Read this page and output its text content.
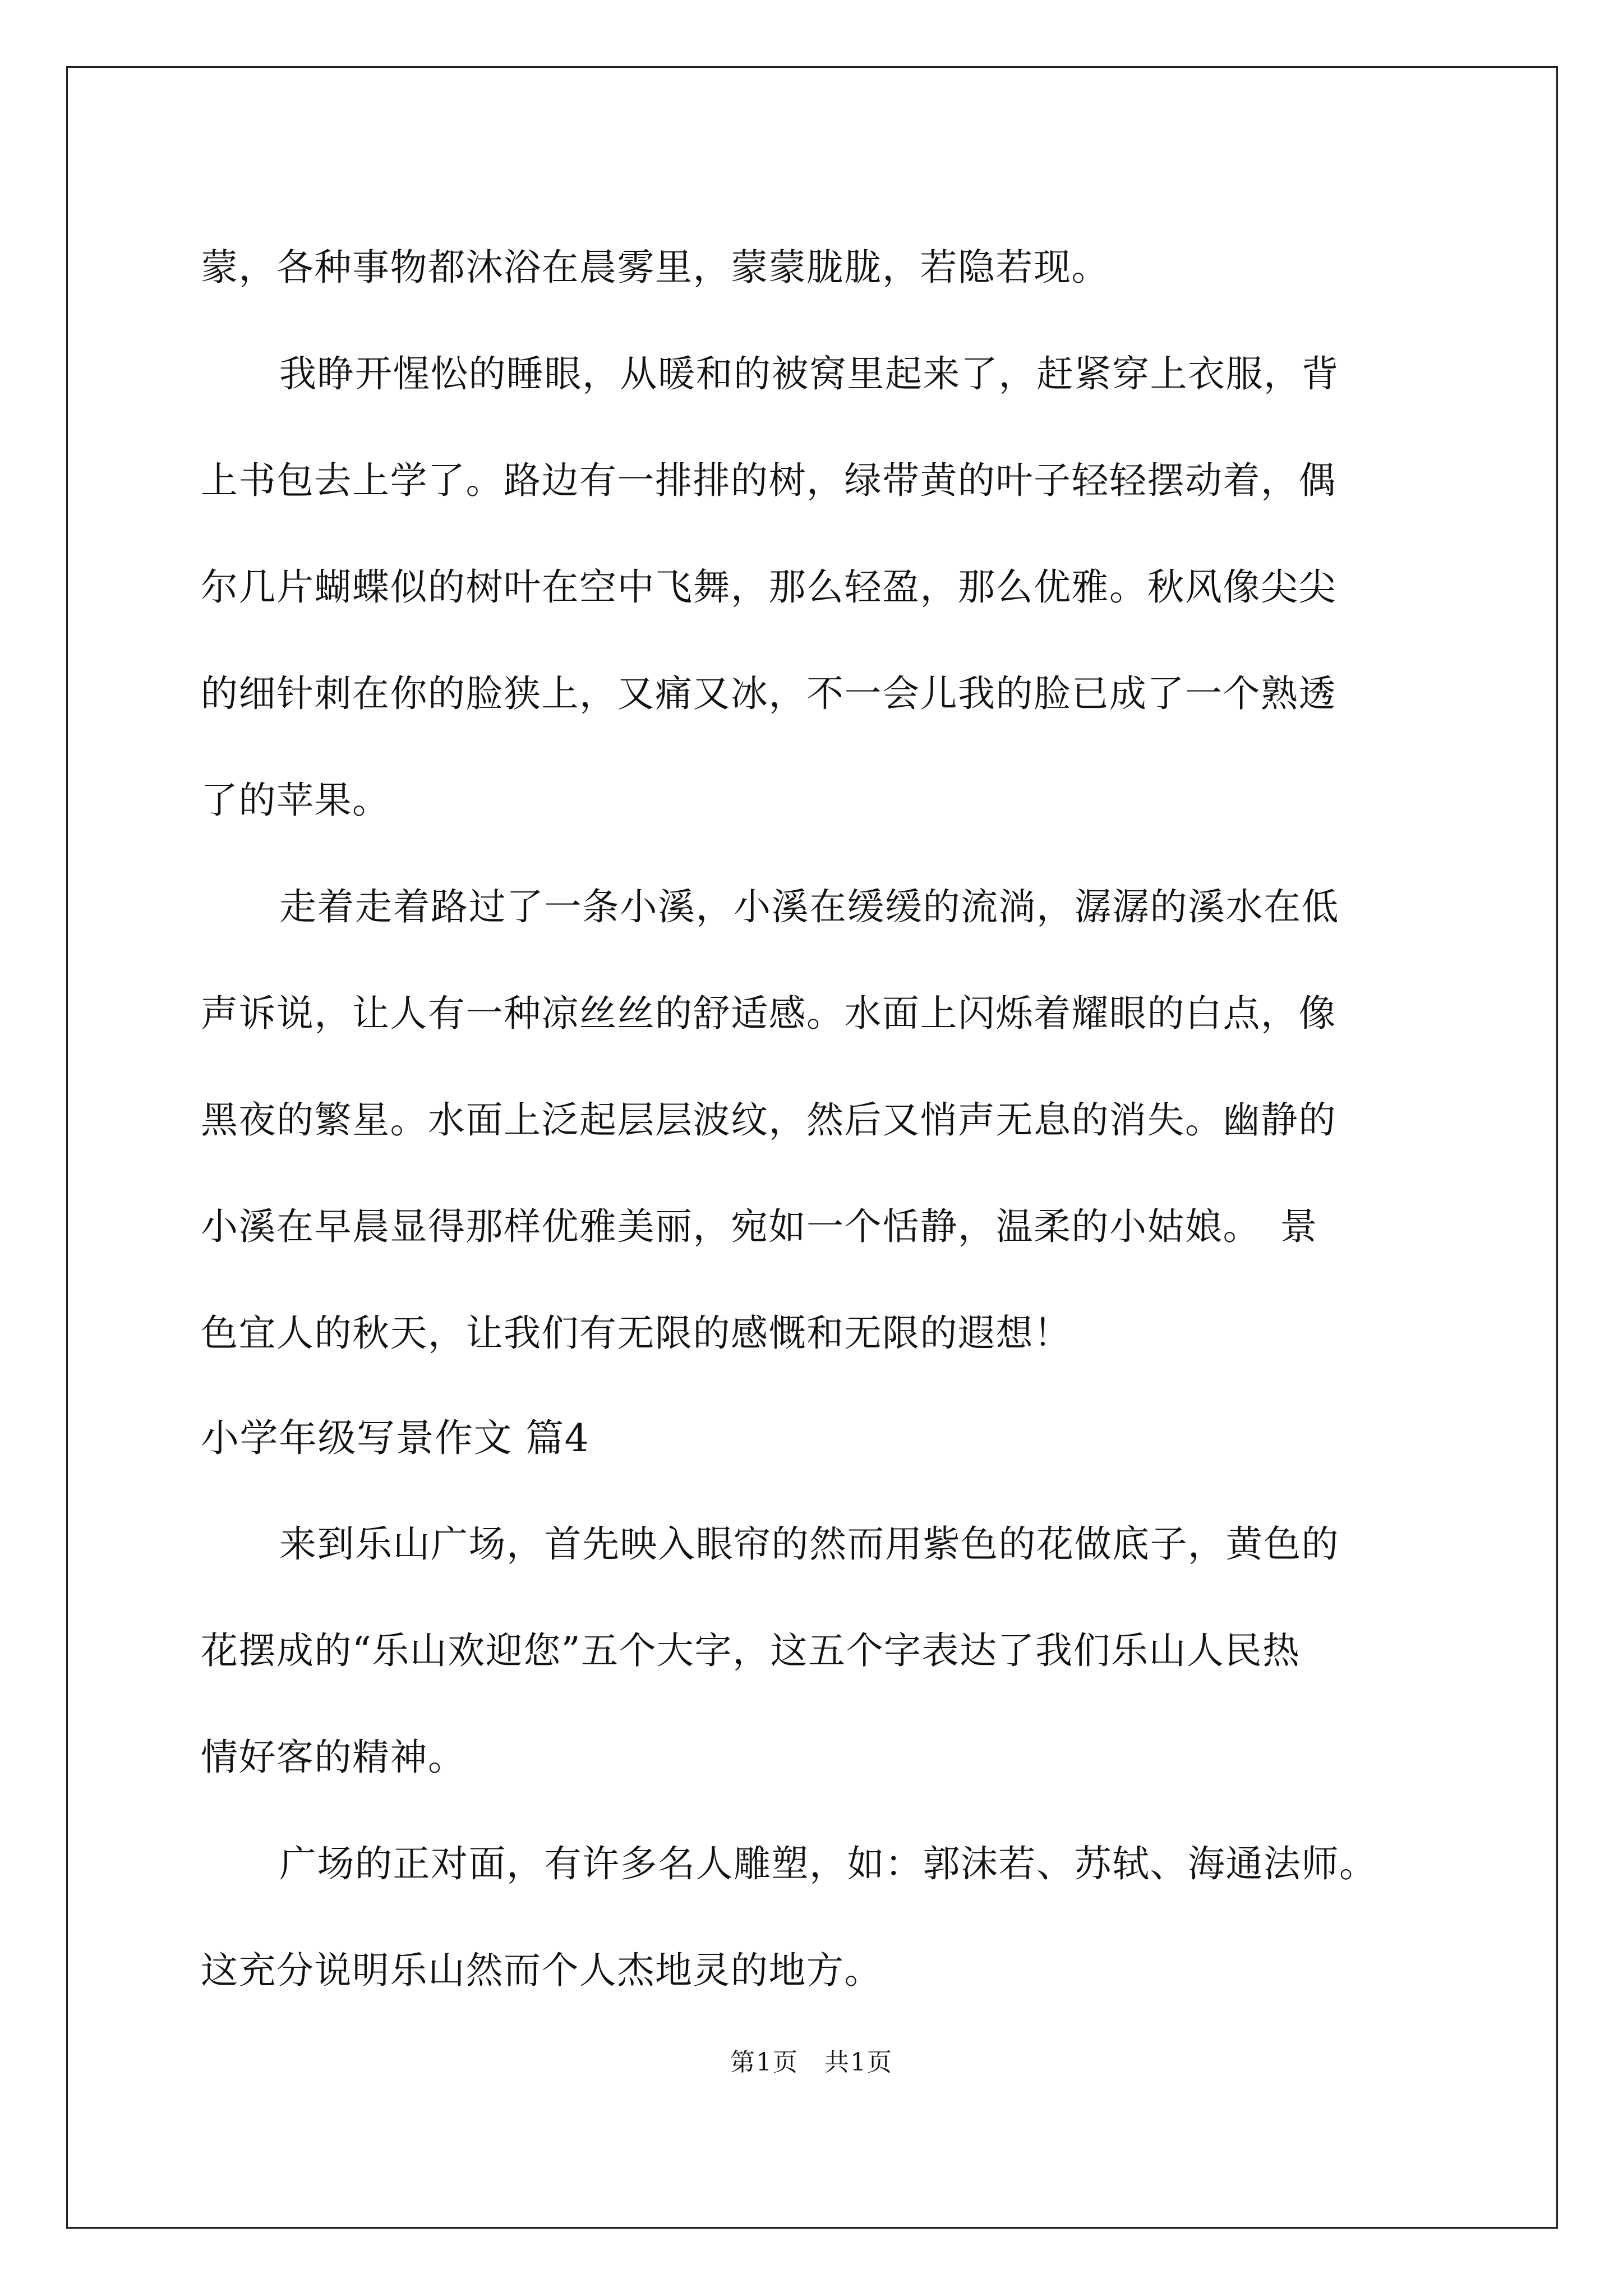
蒙，各种事物都沐浴在晨雾里，蒙蒙胧胧，若隐若现。
我睁开惺忪的睡眼，从暖和的被窝里起来了，赶紧穿上衣服，背
上书包去上学了。路边有一排排的树，绿带黄的叶子轻轻摆动着，偶
尔几片蝴蝶似的树叶在空中飞舞，那么轻盈，那么优雅。秋风像尖尖
的细针刺在你的脸狭上，又痛又冰，不一会儿我的脸已成了一个熟透
了的苹果。
走着走着路过了一条小溪，小溪在缓缓的流淌，潺潺的溪水在低
声诉说，让人有一种凉丝丝的舒适感。水面上闪烁着耀眼的白点，像
黑夜的繁星。水面上泛起层层波纹，然后又悄声无息的消失。幽静的
小溪在早晨显得那样优雅美丽，宛如一个恬静，温柔的小姑娘。　景
色宜人的秋天，让我们有无限的感慨和无限的遐想！
小学年级写景作文 篇4
来到乐山广场，首先映入眼帘的然而用紫色的花做底子，黄色的
花摆成的“乐山欢迎您”五个大字，这五个字表达了我们乐山人民热
情好客的精神。
广场的正对面，有许多名人雕塑，如：郭沫若、苏轼、海通法师。
这充分说明乐山然而个人杰地灵的地方。
第1页　共1页
